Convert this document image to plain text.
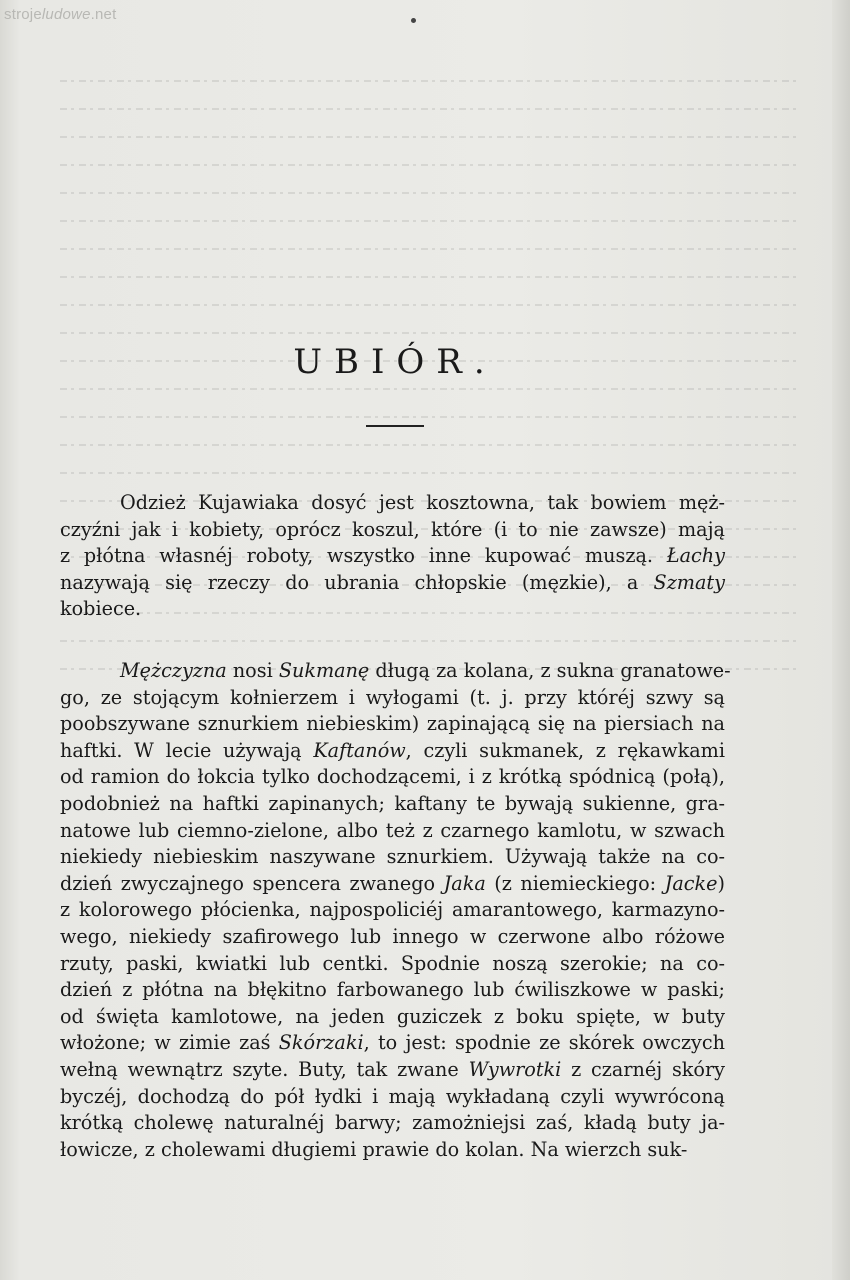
strojeludowe.net
UBIÓR.
Odzież Kujawiaka dosyć jest kosztowna, tak bowiem męż-
czyźni jak i kobiety, oprócz koszul, które (i to nie zawsze) mają
z płótna własnéj roboty, wszystko inne kupować muszą. Łachy
nazywają się rzeczy do ubrania chłopskie (męzkie), a Szmaty
kobiece.
Mężczyzna nosi Sukmanę długą za kolana, z sukna granatowe-
go, ze stojącym kołnierzem i wyłogami (t. j. przy któréj szwy są
poobszywane sznurkiem niebieskim) zapinającą się na piersiach na
haftki. W lecie używają Kaftanów, czyli sukmanek, z rękawkami
od ramion do łokcia tylko dochodzącemi, i z krótką spódnicą (połą),
podobnież na haftki zapinanych; kaftany te bywają sukienne, gra-
natowe lub ciemno-zielone, albo też z czarnego kamlotu, w szwach
niekiedy niebieskim naszywane sznurkiem. Używają także na co-
dzień zwyczajnego spencera zwanego Jaka (z niemieckiego: Jacke)
z kolorowego płócienka, najpospoliciéj amarantowego, karmazyno-
wego, niekiedy szafirowego lub innego w czerwone albo różowe
rzuty, paski, kwiatki lub centki. Spodnie noszą szerokie; na co-
dzień z płótna na błękitno farbowanego lub ćwiliszkowe w paski;
od święta kamlotowe, na jeden guziczek z boku spięte, w buty
włożone; w zimie zaś Skórzaki, to jest: spodnie ze skórek owczych
wełną wewnątrz szyte. Buty, tak zwane Wywrotki z czarnéj skóry
byczéj, dochodzą do pół łydki i mają wykładaną czyli wywróconą
krótką cholewę naturalnéj barwy; zamożniejsi zaś, kładą buty ja-
łowicze, z cholewami długiemi prawie do kolan. Na wierzch suk-
